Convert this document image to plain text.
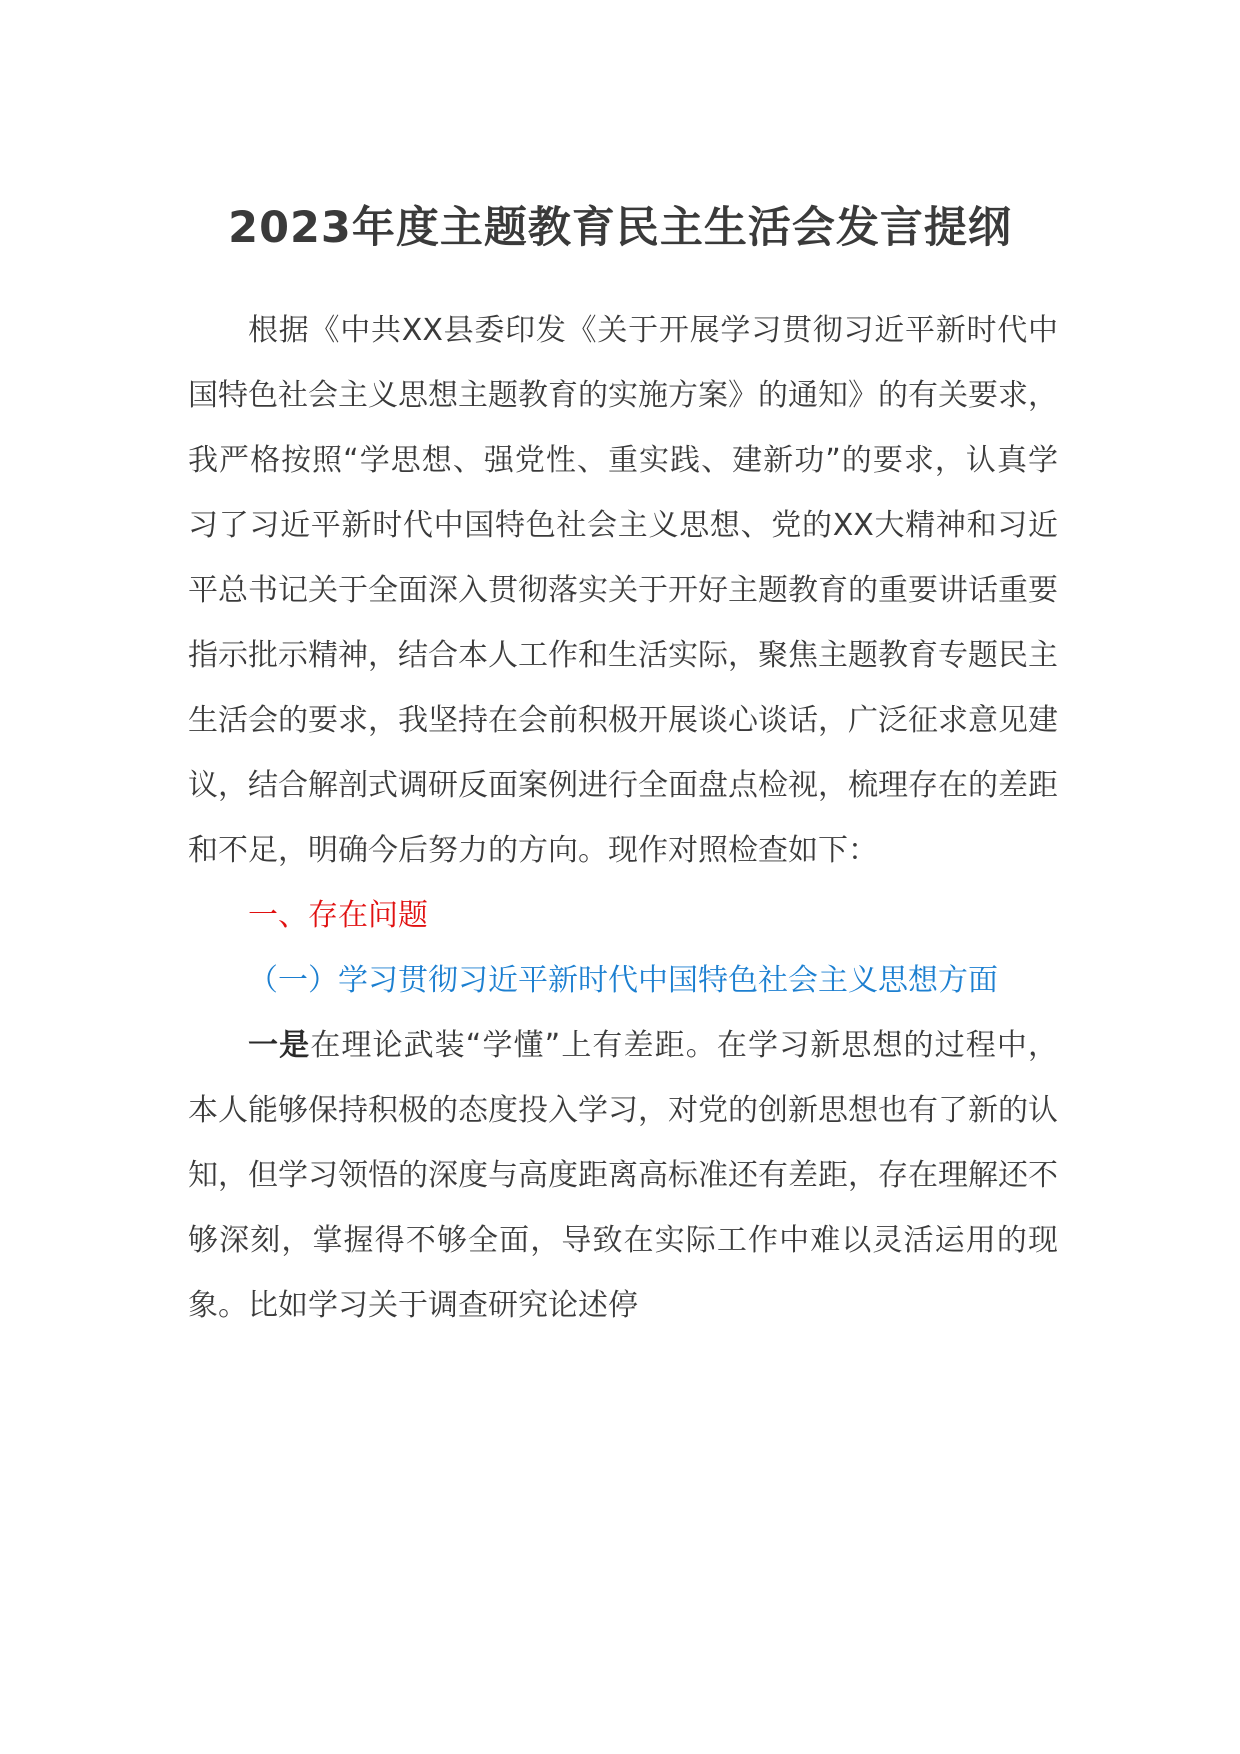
2023年度主题教育民主生活会发言提纲

根据《中共XX县委印发《关于开展学习贯彻习近平新时代中国特色社会主义思想主题教育的实施方案》的通知》的有关要求，我严格按照“学思想、强党性、重实践、建新功”的要求，认真学习了习近平新时代中国特色社会主义思想、党的XX大精神和习近平总书记关于全面深入贯彻落实关于开好主题教育的重要讲话重要指示批示精神，结合本人工作和生活实际，聚焦主题教育专题民主生活会的要求，我坚持在会前积极开展谈心谈话，广泛征求意见建议，结合解剖式调研反面案例进行全面盘点检视，梳理存在的差距和不足，明确今后努力的方向。现作对照检查如下：

一、存在问题

（一）学习贯彻习近平新时代中国特色社会主义思想方面

一是在理论武装“学懂”上有差距。在学习新思想的过程中，本人能够保持积极的态度投入学习，对党的创新思想也有了新的认知，但学习领悟的深度与高度距离高标准还有差距，存在理解还不够深刻，掌握得不够全面，导致在实际工作中难以灵活运用的现象。比如学习关于调查研究论述停
